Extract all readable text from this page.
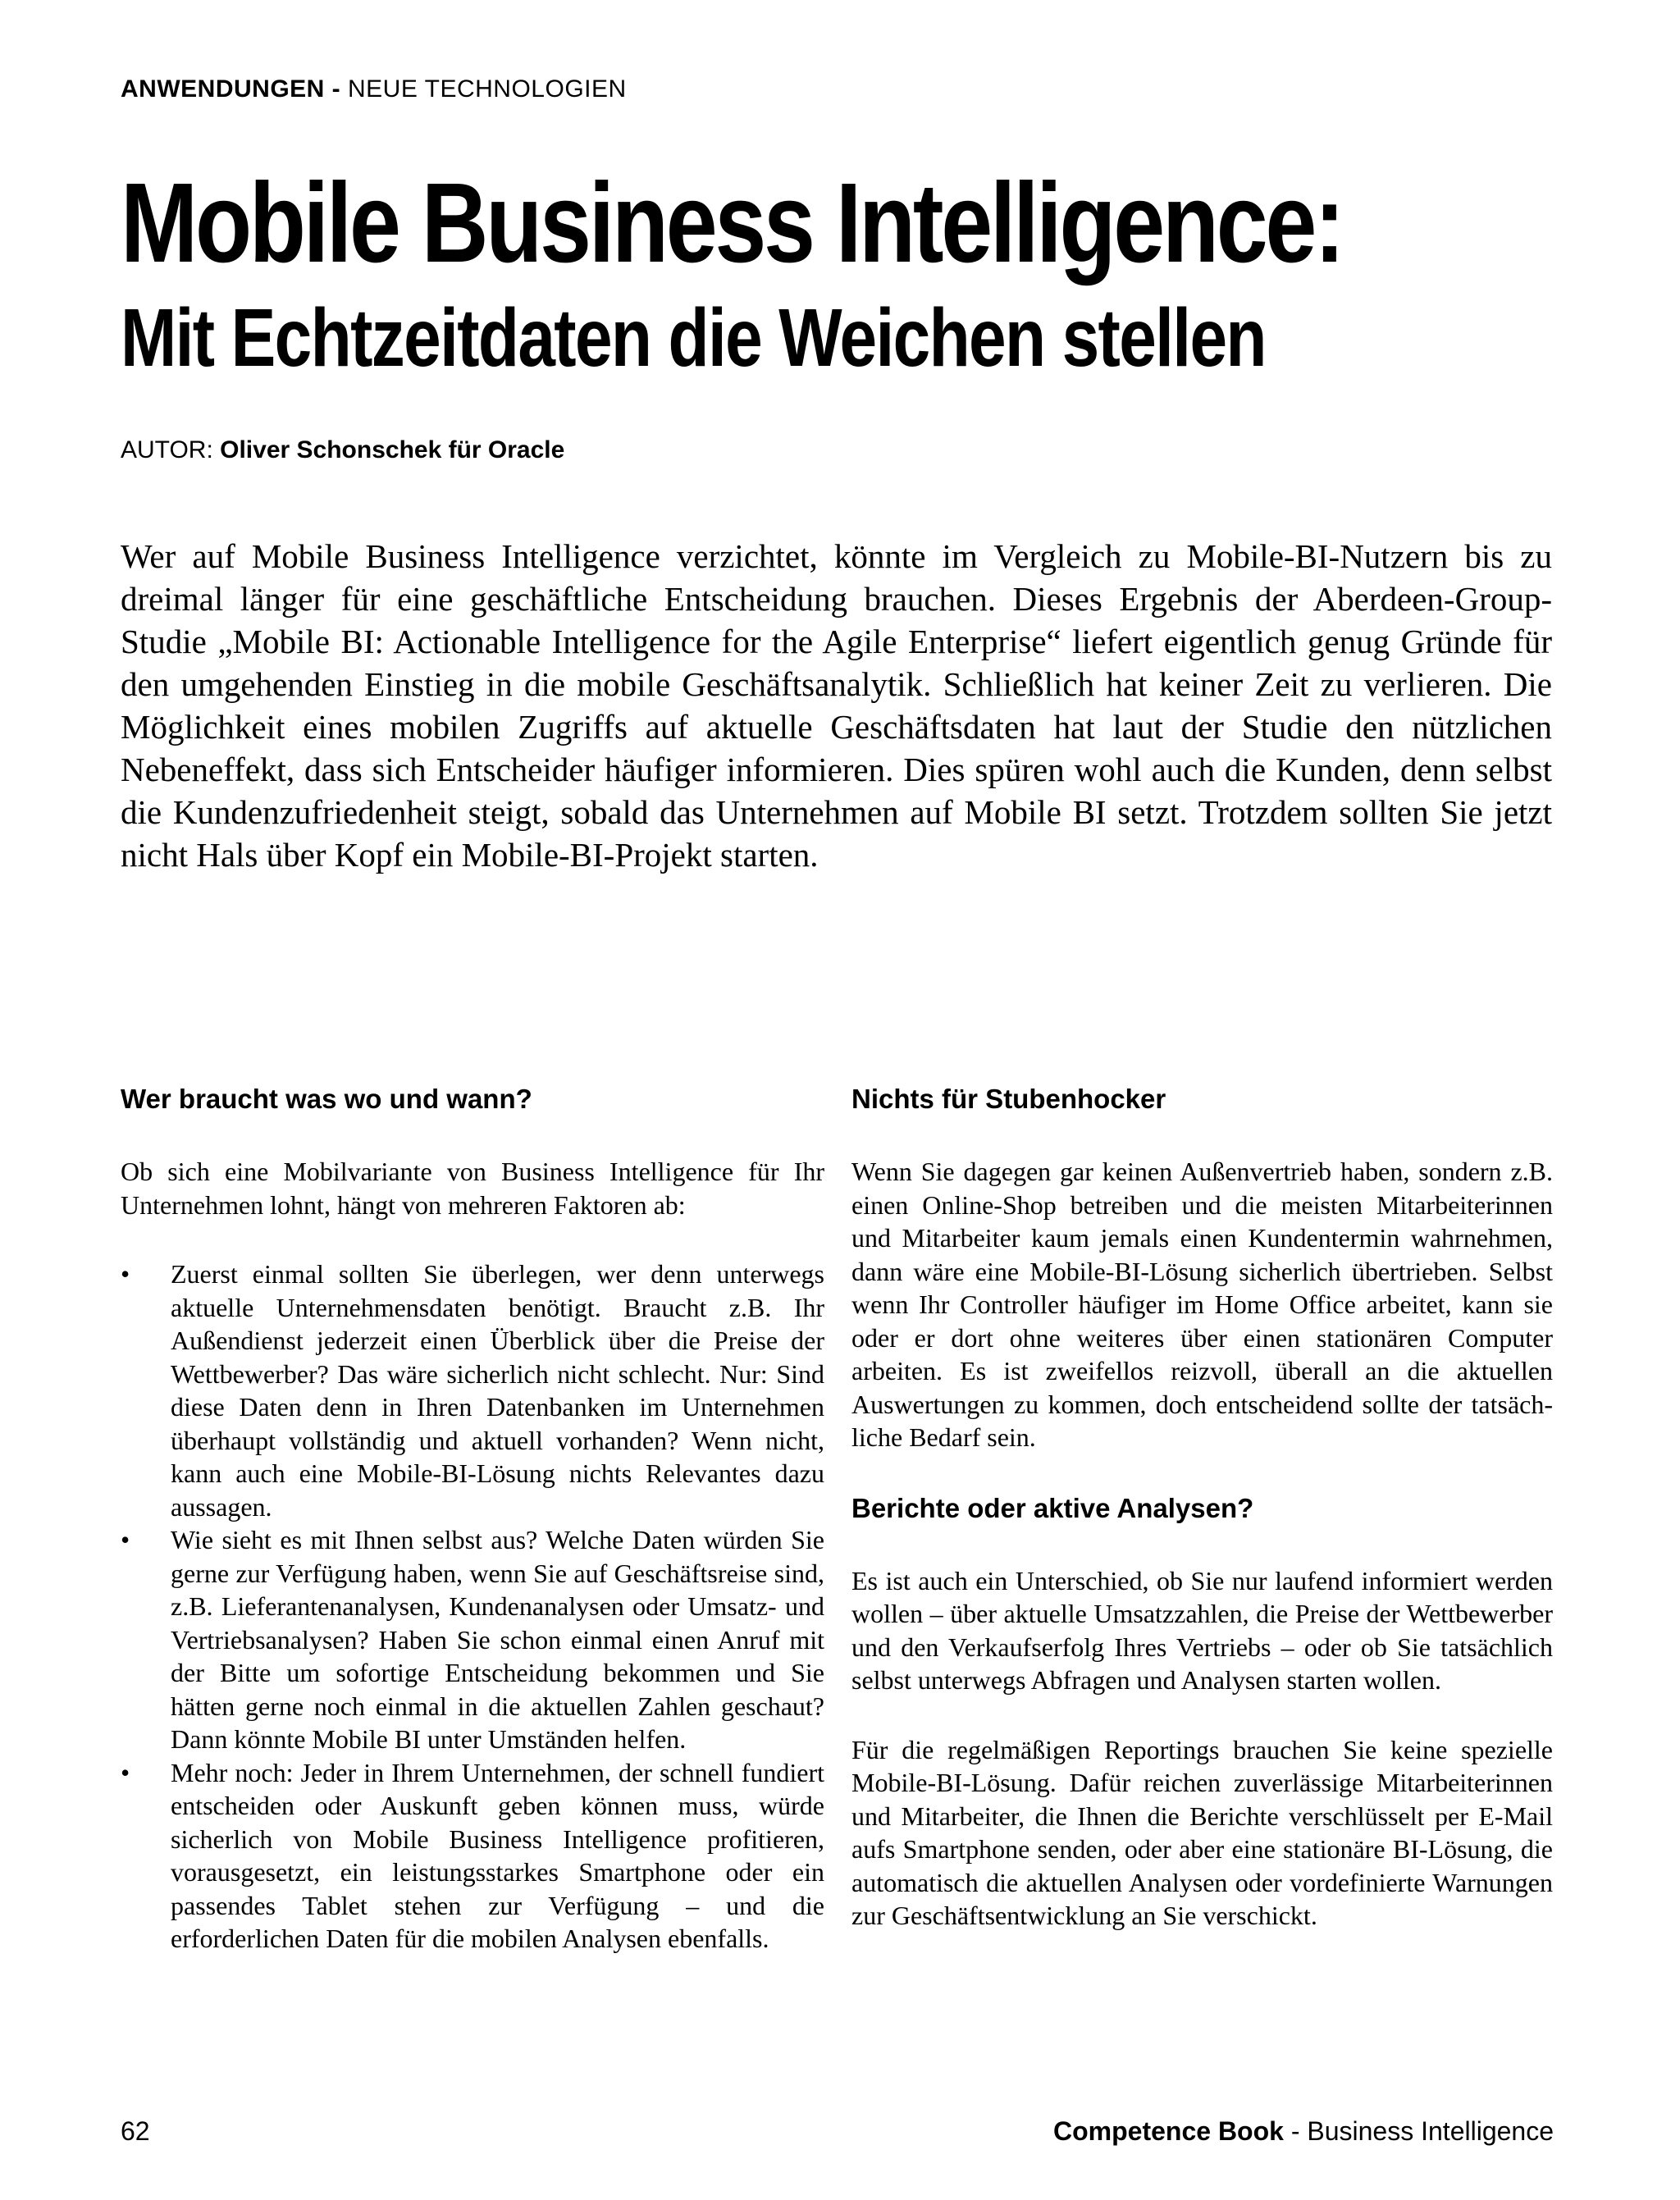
ANWENDUNGEN - NEUE TECHNOLOGIEN
Mobile Business Intelligence:
Mit Echtzeitdaten die Weichen stellen
AUTOR: Oliver Schonschek für Oracle
Wer auf Mobile Business Intelligence verzichtet, könnte im Vergleich zu Mobile-BI-Nutzern bis zu dreimal länger für eine geschäftliche Entscheidung brauchen. Dieses Ergebnis der Aberdeen-Group-Studie „Mobile BI: Actionable Intelligence for the Agile Enterprise“ liefert eigentlich genug Gründe für den umgehenden Einstieg in die mobile Geschäftsanalytik. Schließlich hat keiner Zeit zu verlieren. Die Möglichkeit eines mobilen Zugriffs auf aktuelle Geschäftsdaten hat laut der Studie den nützlichen Nebeneffekt, dass sich Entscheider häufiger informieren. Dies spüren wohl auch die Kunden, denn selbst die Kundenzufriedenheit steigt, sobald das Unternehmen auf Mobile BI setzt. Trotzdem sollten Sie jetzt nicht Hals über Kopf ein Mobile-BI-Projekt starten.
Wer braucht was wo und wann?

Ob sich eine Mobilvariante von Business Intelligence für Ihr Unternehmen lohnt, hängt von mehreren Faktoren ab:

• Zuerst einmal sollten Sie überlegen, wer denn unterwegs aktuelle Unternehmensdaten benötigt. Braucht z.B. Ihr Außendienst jederzeit einen Überblick über die Preise der Wettbewerber? Das wäre sicherlich nicht schlecht. Nur: Sind diese Daten denn in Ihren Datenbanken im Unternehmen überhaupt vollständig und aktuell vorhanden? Wenn nicht, kann auch eine Mobile-BI-Lösung nichts Relevantes dazu aussagen.

• Wie sieht es mit Ihnen selbst aus? Welche Daten würden Sie gerne zur Verfügung haben, wenn Sie auf Geschäftsreise sind, z.B. Lieferantenanalysen, Kundenanalysen oder Umsatz- und Vertriebsanalysen? Haben Sie schon einmal einen Anruf mit der Bitte um sofortige Entscheidung bekommen und Sie hätten gerne noch einmal in die aktuellen Zahlen geschaut? Dann könnte Mobile BI unter Umständen helfen.

• Mehr noch: Jeder in Ihrem Unternehmen, der schnell fundiert entscheiden oder Auskunft geben können muss, würde sicherlich von Mobile Business Intelligence profitieren, vorausgesetzt, ein leistungsstarkes Smartphone oder ein passendes Tablet stehen zur Verfügung – und die erforderlichen Daten für die mobilen Analysen ebenfalls.

Nichts für Stubenhocker

Wenn Sie dagegen gar keinen Außenvertrieb haben, sondern z.B. einen Online-Shop betreiben und die meisten Mitarbeiterinnen und Mitarbeiter kaum jemals einen Kundentermin wahrnehmen, dann wäre eine Mobile-BI-Lösung sicherlich übertrieben. Selbst wenn Ihr Controller häufiger im Home Office arbeitet, kann sie oder er dort ohne weiteres über einen stationären Computer arbeiten. Es ist zweifellos reizvoll, überall an die aktuellen Auswertungen zu kommen, doch entscheidend sollte der tatsächliche Bedarf sein.

Berichte oder aktive Analysen?

Es ist auch ein Unterschied, ob Sie nur laufend informiert werden wollen – über aktuelle Umsatzzahlen, die Preise der Wettbewerber und den Verkaufserfolg Ihres Vertriebs – oder ob Sie tatsächlich selbst unterwegs Abfragen und Analysen starten wollen.

Für die regelmäßigen Reportings brauchen Sie keine spezielle Mobile-BI-Lösung. Dafür reichen zuverlässige Mitarbeiterinnen und Mitarbeiter, die Ihnen die Berichte verschlüsselt per E-Mail aufs Smartphone senden, oder aber eine stationäre BI-Lösung, die automatisch die aktuellen Analysen oder vordefinierte Warnungen zur Geschäftsentwicklung an Sie verschickt.

62	Competence Book - Business Intelligence
